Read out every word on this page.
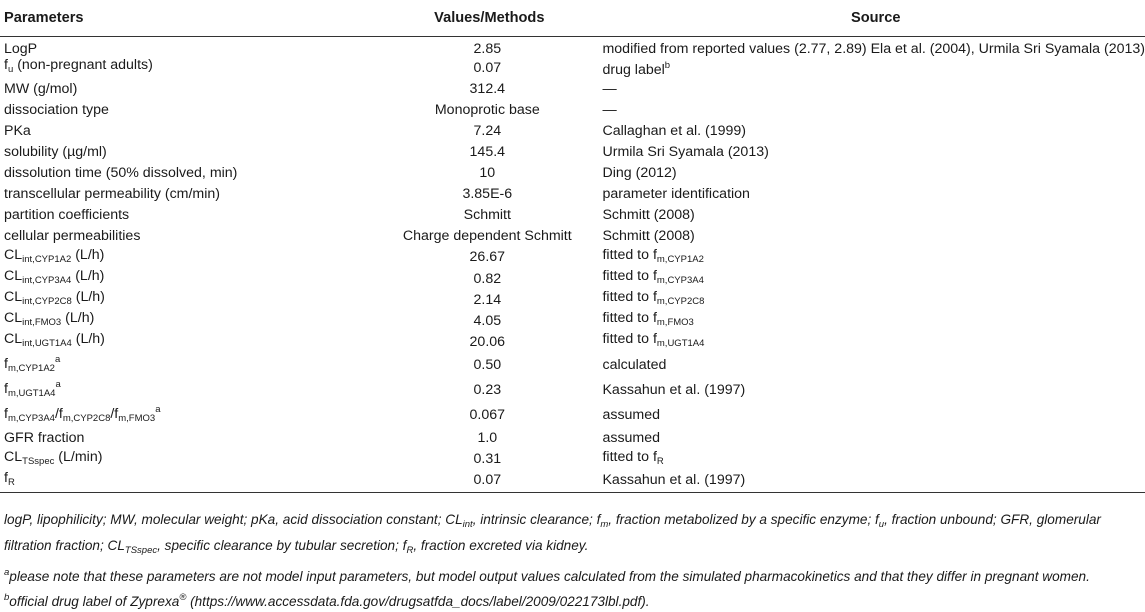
Parameters	Values/Methods	Source
LogP	2.85	modified from reported values (2.77, 2.89) Ela et al. (2004), Urmila Sri Syamala (2013)
$f_u$ (non-pregnant adults)	0.07	drug label$^b$
MW (g/mol)	312.4	—
dissociation type	Monoprotic base	—
PKa	7.24	Callaghan et al. (1999)
solubility (µg/ml)	145.4	Urmila Sri Syamala (2013)
dissolution time (50% dissolved, min)	10	Ding (2012)
transcellular permeability (cm/min)	3.85E-6	parameter identification
partition coefficients	Schmitt	Schmitt (2008)
cellular permeabilities	Charge dependent Schmitt	Schmitt (2008)
$CL_{int,CYP1A2}$ (L/h)	26.67	fitted to $f_{m,CYP1A2}$
$CL_{int,CYP3A4}$ (L/h)	0.82	fitted to $f_{m,CYP3A4}$
$CL_{int,CYP2C8}$ (L/h)	2.14	fitted to $f_{m,CYP2C8}$
$CL_{int,FMO3}$ (L/h)	4.05	fitted to $f_{m,FMO3}$
$CL_{int,UGT1A4}$ (L/h)	20.06	fitted to $f_{m,UGT1A4}$
$f_{m,CYP1A2}^a$	0.50	calculated
$f_{m,UGT1A4}^a$	0.23	Kassahun et al. (1997)
$f_{m,CYP3A4}/f_{m,CYP2C8}/f_{m,FMO3}^a$	0.067	assumed
GFR fraction	1.0	assumed
$CL_{TSspec}$ (L/min)	0.31	fitted to $f_R$
$f_R$	0.07	Kassahun et al. (1997)

logP, lipophilicity; MW, molecular weight; pKa, acid dissociation constant; $CL_{int}$, intrinsic clearance; $f_m$, fraction metabolized by a specific enzyme; $f_u$, fraction unbound; GFR, glomerular filtration fraction; $CL_{TSspec}$, specific clearance by tubular secretion; $f_R$, fraction excreted via kidney.

$^a$please note that these parameters are not model input parameters, but model output values calculated from the simulated pharmacokinetics and that they differ in pregnant women.

$^b$official drug label of Zyprexa® (https://www.accessdata.fda.gov/drugsatfda_docs/label/2009/022173lbl.pdf).
